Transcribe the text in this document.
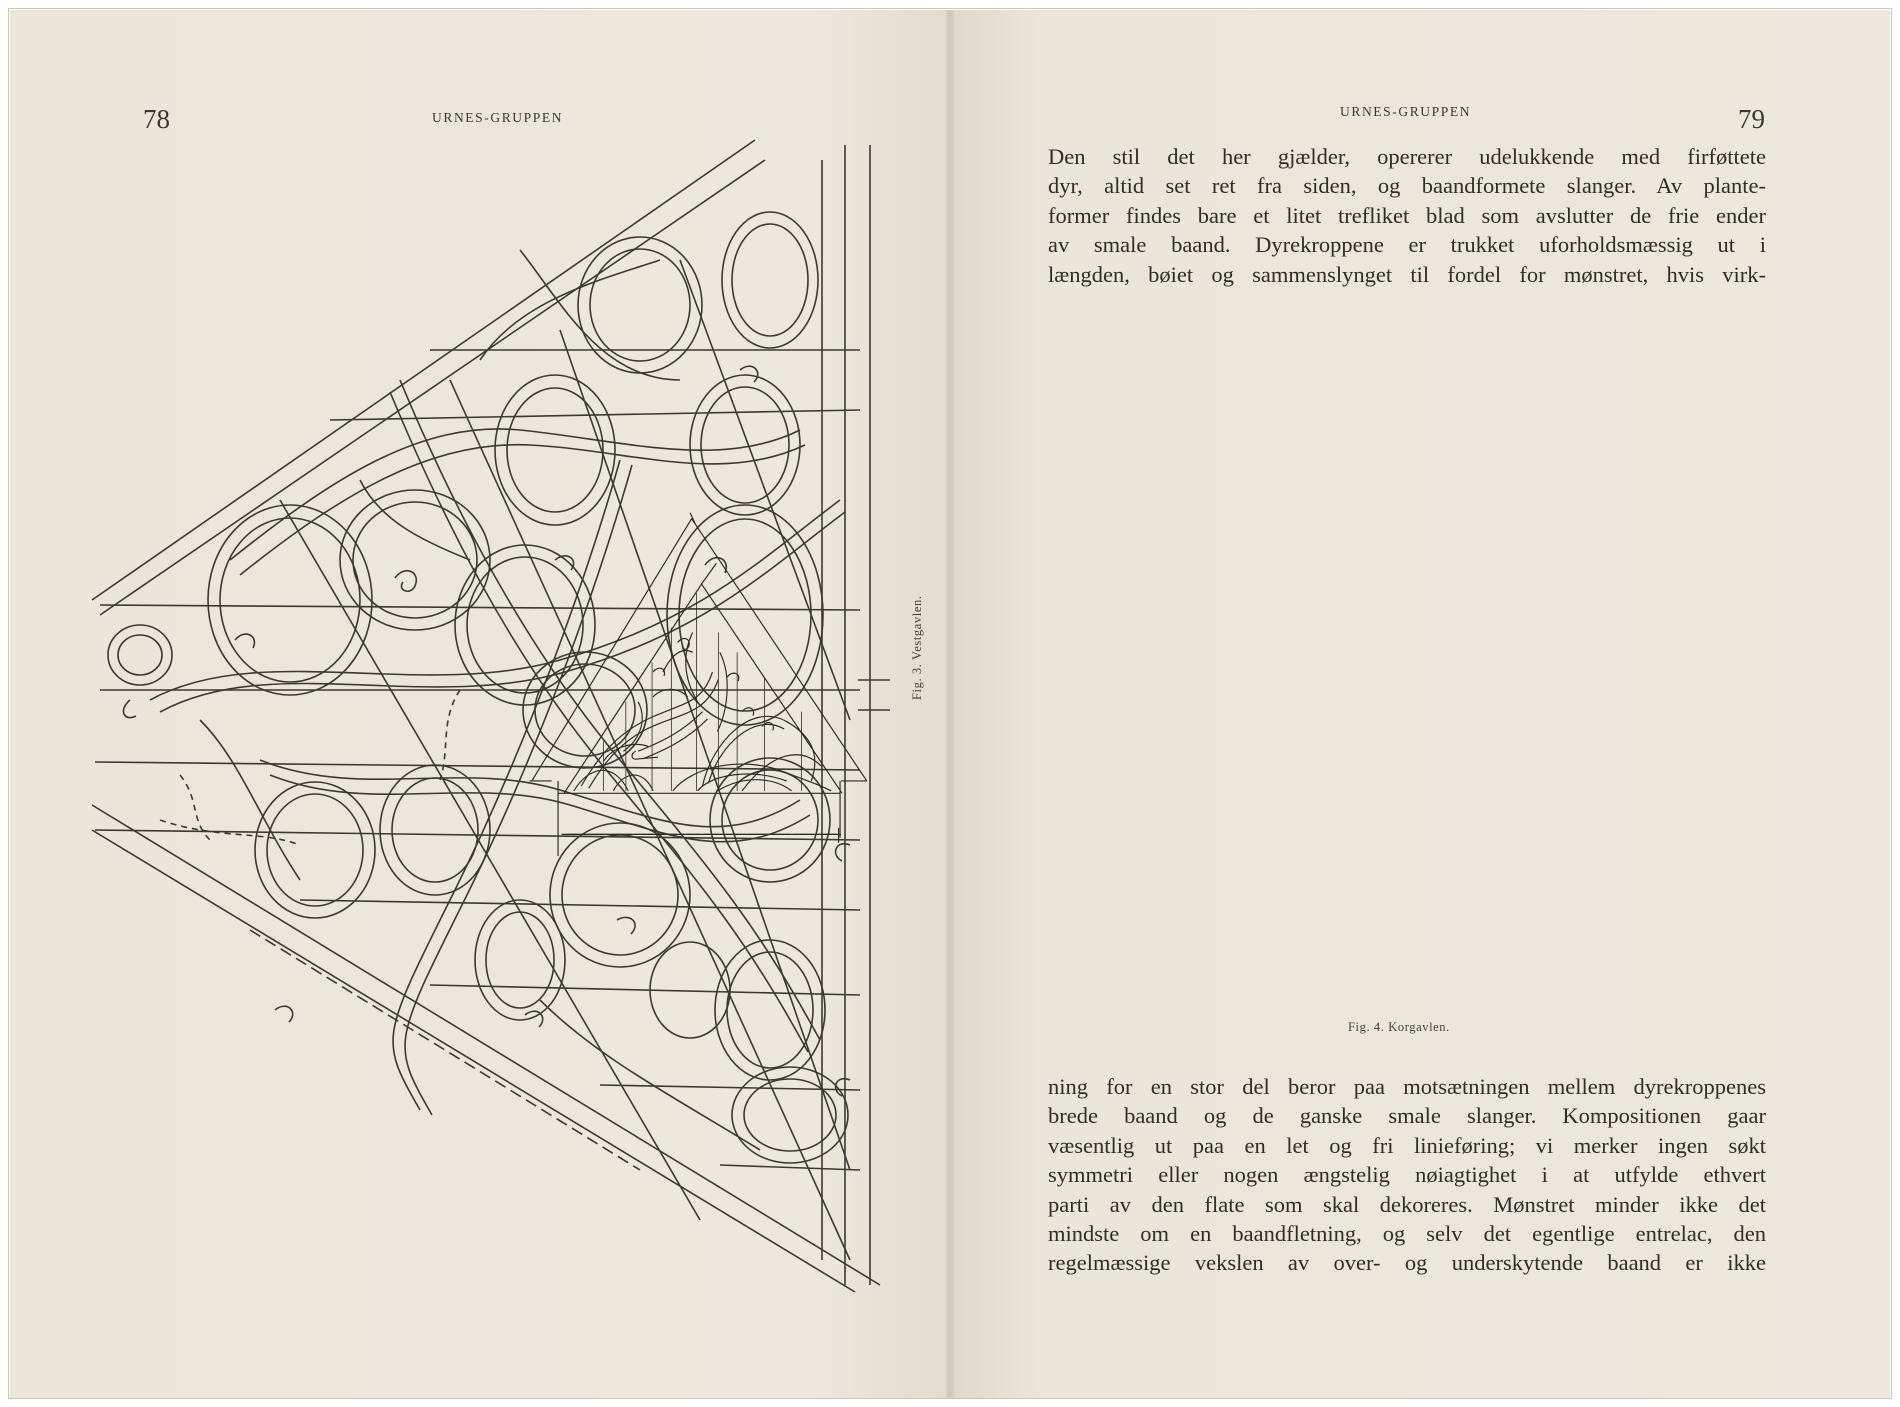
78	URNES-GRUPPEN
Fig. 3. Vestgavlen.
URNES-GRUPPEN	79
Den stil det her gjælder, opererer udelukkende med firføttete
dyr, altid set ret fra siden, og baandformete slanger. Av plante-
former findes bare et litet trefliket blad som avslutter de frie ender
av smale baand. Dyrekroppene er trukket uforholdsmæssig ut i
længden, bøiet og sammenslynget til fordel for mønstret, hvis virk-
Fig. 4. Korgavlen.
ning for en stor del beror paa motsætningen mellem dyrekroppenes
brede baand og de ganske smale slanger. Kompositionen gaar
væsentlig ut paa en let og fri linieføring; vi merker ingen søkt
symmetri eller nogen ængstelig nøiagtighet i at utfylde ethvert
parti av den flate som skal dekoreres. Mønstret minder ikke det
mindste om en baandfletning, og selv det egentlige entrelac, den
regelmæssige vekslen av over- og underskytende baand er ikke
